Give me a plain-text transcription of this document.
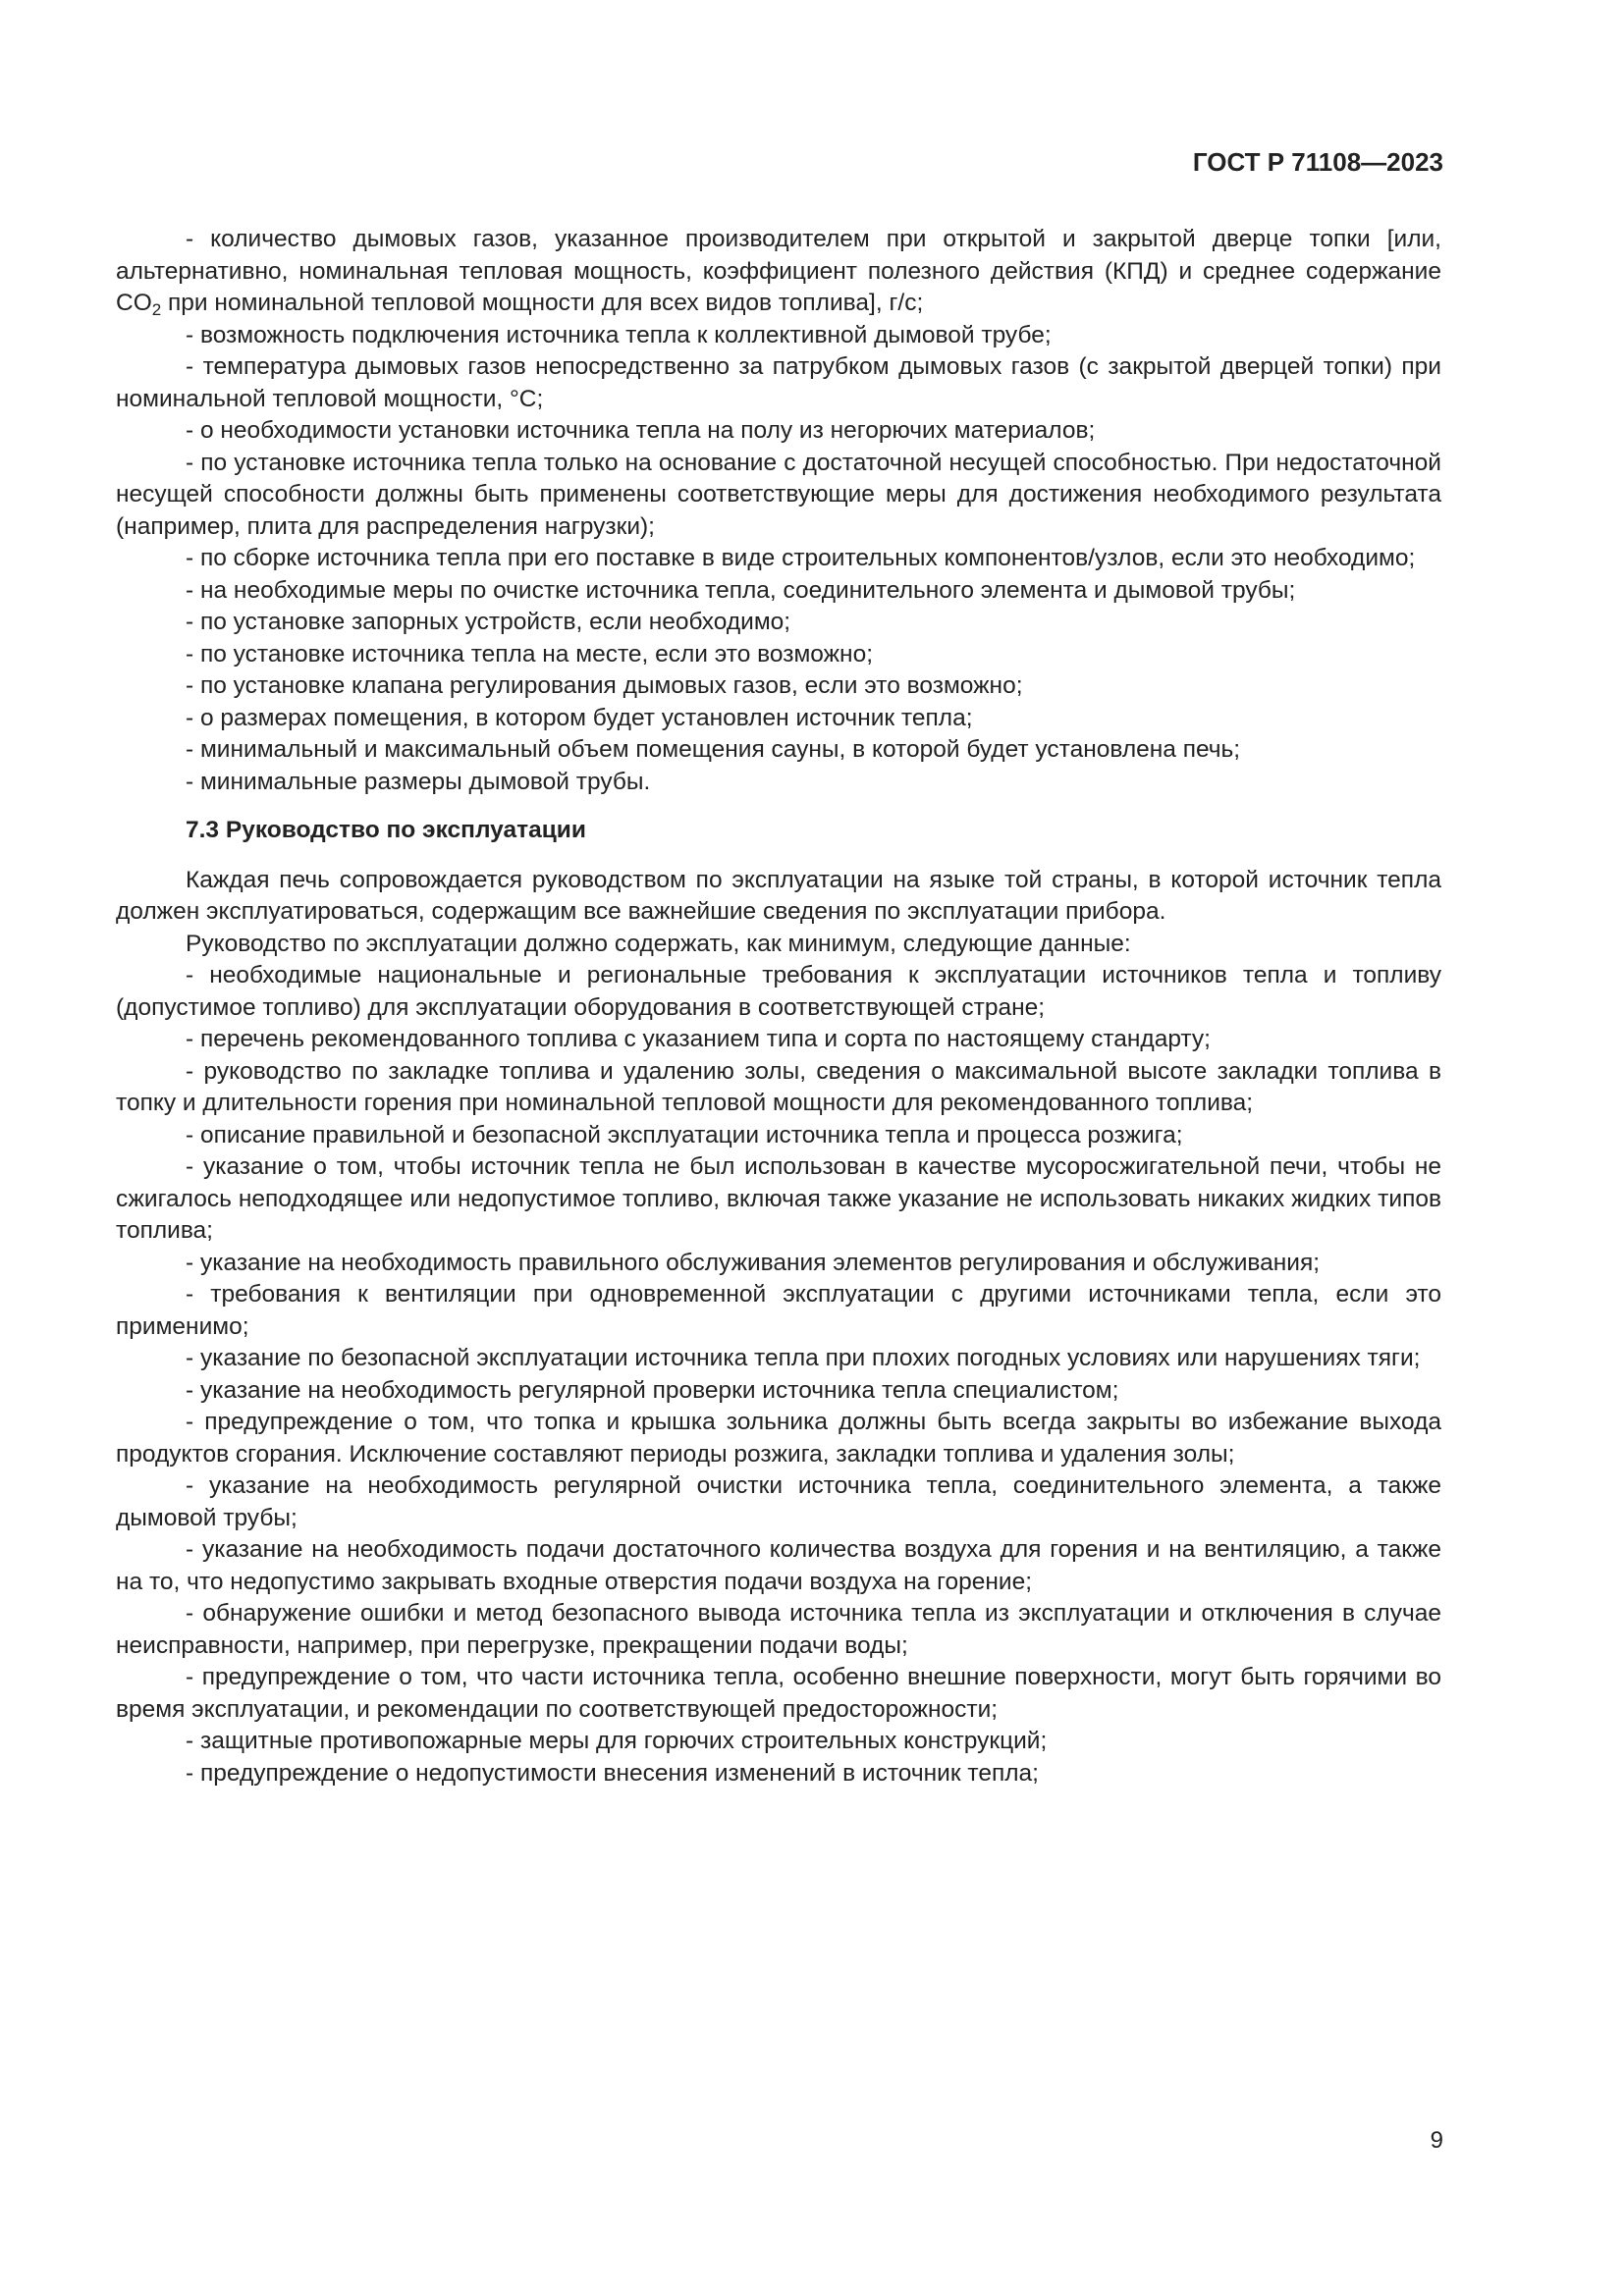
ГОСТ Р 71108—2023

- количество дымовых газов, указанное производителем при открытой и закрытой дверце топки [или, альтернативно, номинальная тепловая мощность, коэффициент полезного действия (КПД) и среднее содержание $CO_2$ при номинальной тепловой мощности для всех видов топлива], г/с;

- возможность подключения источника тепла к коллективной дымовой трубе;

- температура дымовых газов непосредственно за патрубком дымовых газов (с закрытой дверцей топки) при номинальной тепловой мощности, °C;

- о необходимости установки источника тепла на полу из негорючих материалов;

- по установке источника тепла только на основание с достаточной несущей способностью. При недостаточной несущей способности должны быть применены соответствующие меры для достижения необходимого результата (например, плита для распределения нагрузки);

- по сборке источника тепла при его поставке в виде строительных компонентов/узлов, если это необходимо;

- на необходимые меры по очистке источника тепла, соединительного элемента и дымовой трубы;

- по установке запорных устройств, если необходимо;

- по установке источника тепла на месте, если это возможно;

- по установке клапана регулирования дымовых газов, если это возможно;

- о размерах помещения, в котором будет установлен источник тепла;

- минимальный и максимальный объем помещения сауны, в которой будет установлена печь;

- минимальные размеры дымовой трубы.

7.3 Руководство по эксплуатации

Каждая печь сопровождается руководством по эксплуатации на языке той страны, в которой источник тепла должен эксплуатироваться, содержащим все важнейшие сведения по эксплуатации прибора.

Руководство по эксплуатации должно содержать, как минимум, следующие данные:

- необходимые национальные и региональные требования к эксплуатации источников тепла и топливу (допустимое топливо) для эксплуатации оборудования в соответствующей стране;

- перечень рекомендованного топлива с указанием типа и сорта по настоящему стандарту;

- руководство по закладке топлива и удалению золы, сведения о максимальной высоте закладки топлива в топку и длительности горения при номинальной тепловой мощности для рекомендованного топлива;

- описание правильной и безопасной эксплуатации источника тепла и процесса розжига;

- указание о том, чтобы источник тепла не был использован в качестве мусоросжигательной печи, чтобы не сжигалось неподходящее или недопустимое топливо, включая также указание не использовать никаких жидких типов топлива;

- указание на необходимость правильного обслуживания элементов регулирования и обслуживания;

- требования к вентиляции при одновременной эксплуатации с другими источниками тепла, если это применимо;

- указание по безопасной эксплуатации источника тепла при плохих погодных условиях или нарушениях тяги;

- указание на необходимость регулярной проверки источника тепла специалистом;

- предупреждение о том, что топка и крышка зольника должны быть всегда закрыты во избежание выхода продуктов сгорания. Исключение составляют периоды розжига, закладки топлива и удаления золы;

- указание на необходимость регулярной очистки источника тепла, соединительного элемента, а также дымовой трубы;

- указание на необходимость подачи достаточного количества воздуха для горения и на вентиляцию, а также на то, что недопустимо закрывать входные отверстия подачи воздуха на горение;

- обнаружение ошибки и метод безопасного вывода источника тепла из эксплуатации и отключения в случае неисправности, например, при перегрузке, прекращении подачи воды;

- предупреждение о том, что части источника тепла, особенно внешние поверхности, могут быть горячими во время эксплуатации, и рекомендации по соответствующей предосторожности;

- защитные противопожарные меры для горючих строительных конструкций;

- предупреждение о недопустимости внесения изменений в источник тепла;

9
